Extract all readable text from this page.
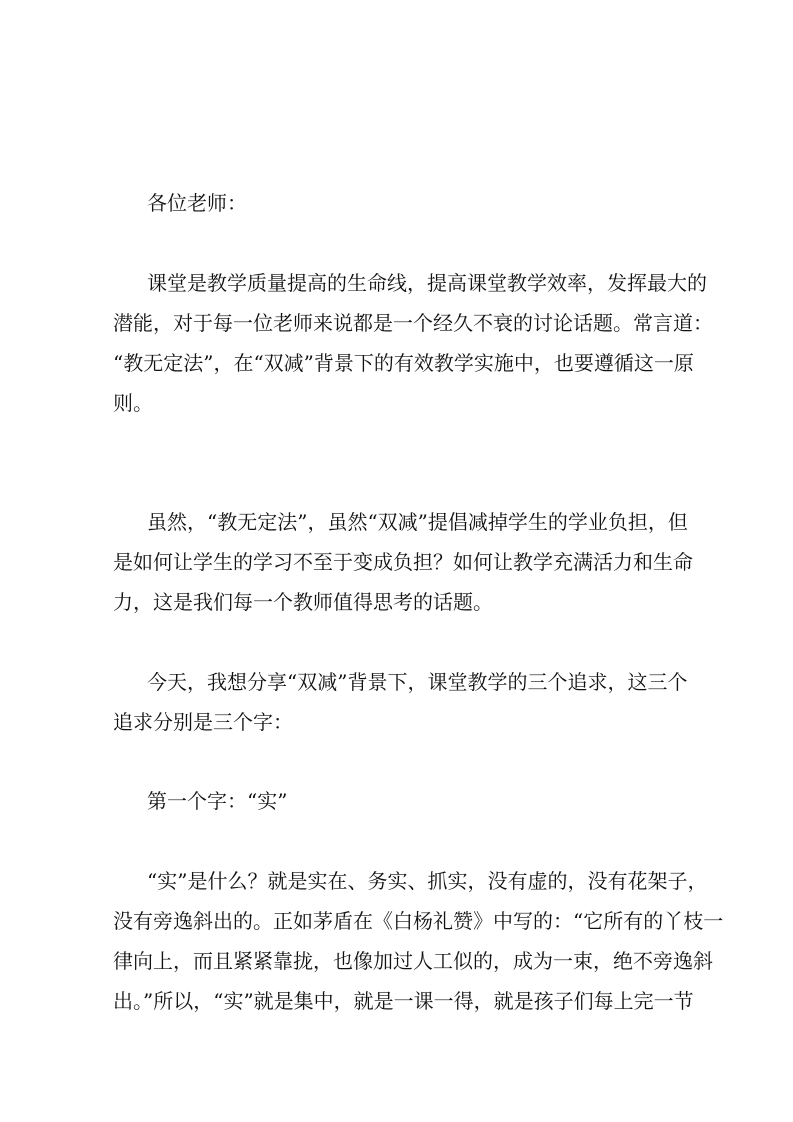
各位老师：
课堂是教学质量提高的生命线，提高课堂教学效率，发挥最大的
潜能，对于每一位老师来说都是一个经久不衰的讨论话题。常言道：
“教无定法”，在“双减”背景下的有效教学实施中，也要遵循这一原
则。
虽然，“教无定法”，虽然“双减”提倡减掉学生的学业负担，但
是如何让学生的学习不至于变成负担？如何让教学充满活力和生命
力，这是我们每一个教师值得思考的话题。
今天，我想分享“双减”背景下，课堂教学的三个追求，这三个
追求分别是三个字：
第一个字：“实”
“实”是什么？就是实在、务实、抓实，没有虚的，没有花架子，
没有旁逸斜出的。正如茅盾在《白杨礼赞》中写的：“它所有的丫枝一
律向上，而且紧紧靠拢，也像加过人工似的，成为一束，绝不旁逸斜
出。”所以，“实”就是集中，就是一课一得，就是孩子们每上完一节
